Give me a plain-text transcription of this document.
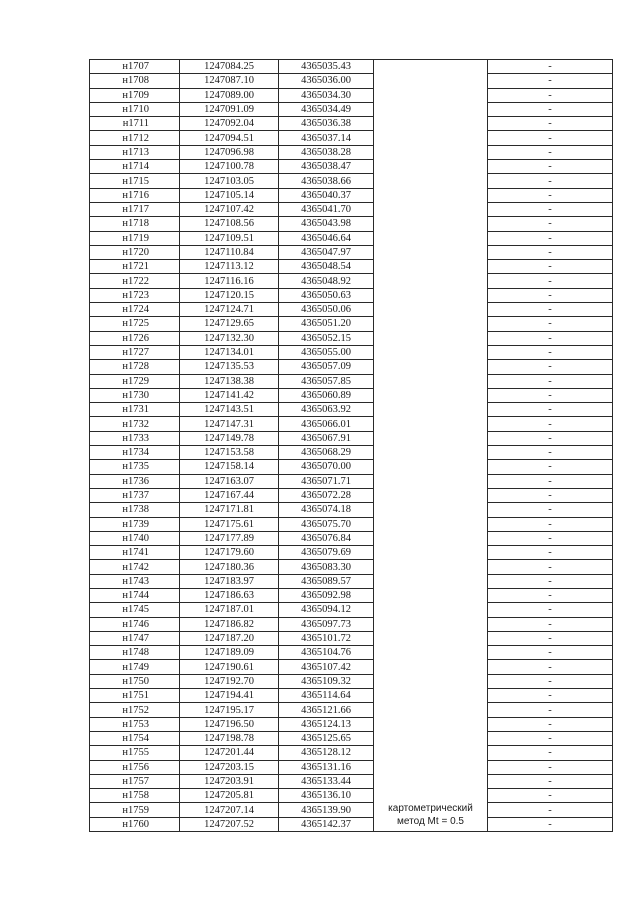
н1707	1247084.25	4365035.43	картометрический метод Mt = 0.5	-
н1708	1247087.10	4365036.00		-
н1709	1247089.00	4365034.30		-
н1710	1247091.09	4365034.49		-
н1711	1247092.04	4365036.38		-
н1712	1247094.51	4365037.14		-
н1713	1247096.98	4365038.28		-
н1714	1247100.78	4365038.47		-
н1715	1247103.05	4365038.66		-
н1716	1247105.14	4365040.37		-
н1717	1247107.42	4365041.70		-
н1718	1247108.56	4365043.98		-
н1719	1247109.51	4365046.64		-
н1720	1247110.84	4365047.97		-
н1721	1247113.12	4365048.54		-
н1722	1247116.16	4365048.92		-
н1723	1247120.15	4365050.63		-
н1724	1247124.71	4365050.06		-
н1725	1247129.65	4365051.20		-
н1726	1247132.30	4365052.15		-
н1727	1247134.01	4365055.00		-
н1728	1247135.53	4365057.09		-
н1729	1247138.38	4365057.85		-
н1730	1247141.42	4365060.89		-
н1731	1247143.51	4365063.92		-
н1732	1247147.31	4365066.01		-
н1733	1247149.78	4365067.91		-
н1734	1247153.58	4365068.29		-
н1735	1247158.14	4365070.00		-
н1736	1247163.07	4365071.71		-
н1737	1247167.44	4365072.28		-
н1738	1247171.81	4365074.18		-
н1739	1247175.61	4365075.70		-
н1740	1247177.89	4365076.84		-
н1741	1247179.60	4365079.69		-
н1742	1247180.36	4365083.30		-
н1743	1247183.97	4365089.57		-
н1744	1247186.63	4365092.98		-
н1745	1247187.01	4365094.12		-
н1746	1247186.82	4365097.73		-
н1747	1247187.20	4365101.72		-
н1748	1247189.09	4365104.76		-
н1749	1247190.61	4365107.42		-
н1750	1247192.70	4365109.32		-
н1751	1247194.41	4365114.64		-
н1752	1247195.17	4365121.66		-
н1753	1247196.50	4365124.13		-
н1754	1247198.78	4365125.65		-
н1755	1247201.44	4365128.12		-
н1756	1247203.15	4365131.16		-
н1757	1247203.91	4365133.44		-
н1758	1247205.81	4365136.10		-
н1759	1247207.14	4365139.90		-
н1760	1247207.52	4365142.37		-
